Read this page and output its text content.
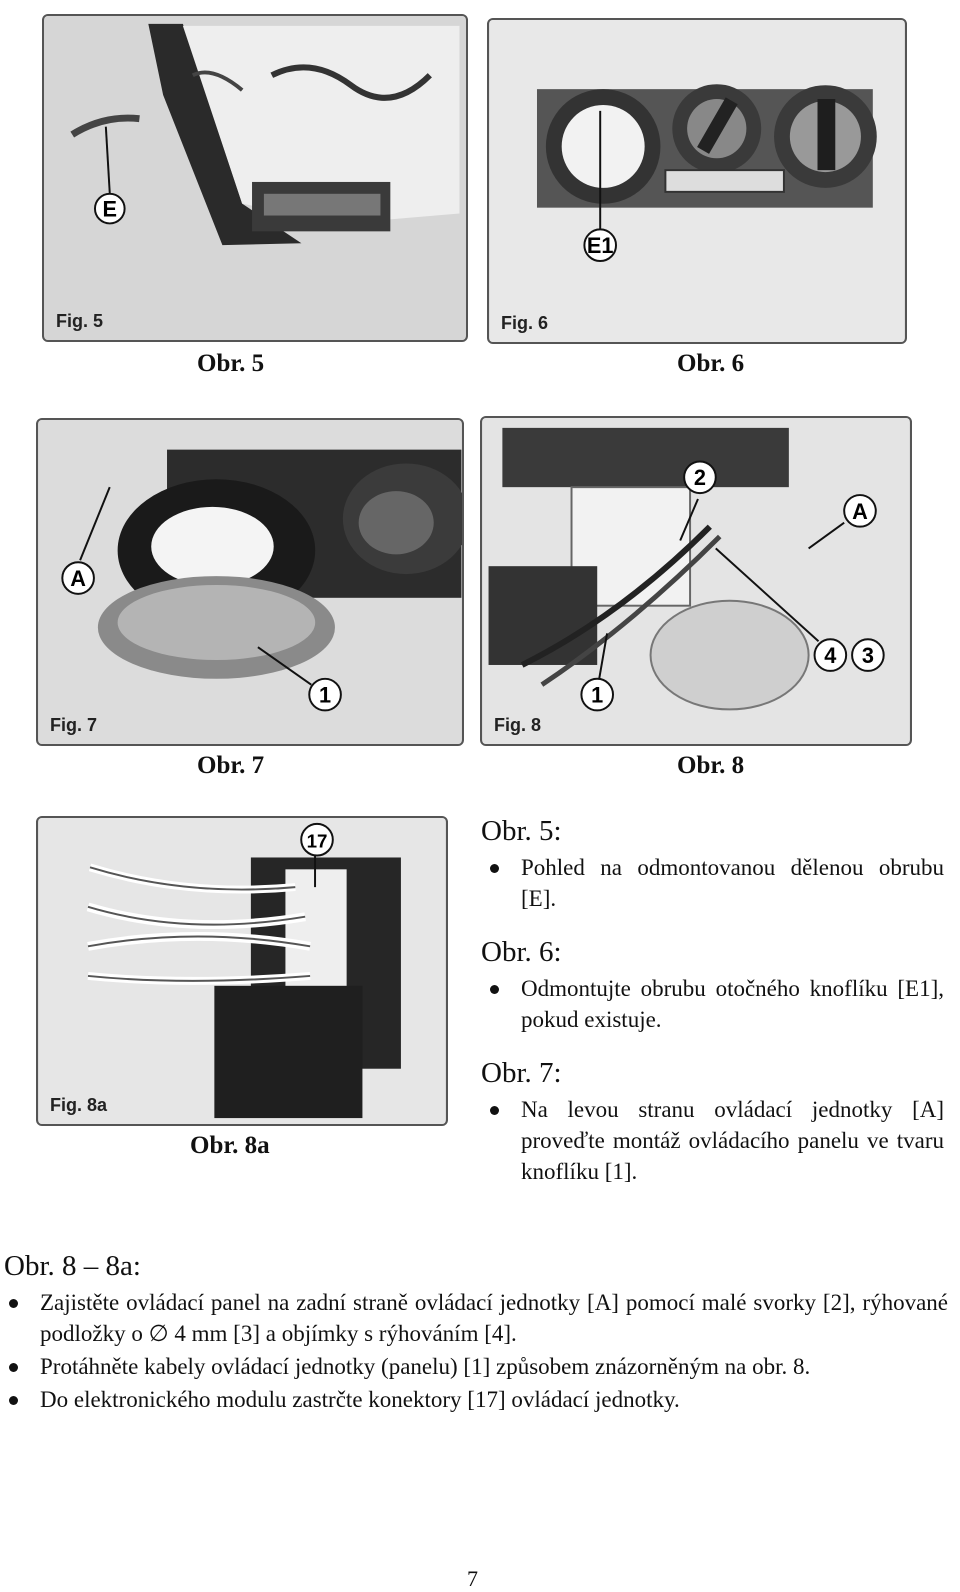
E
Fig. 5
Obr. 5
E1
Fig. 6
Obr. 6
A
1
Fig. 7
Obr. 7
2
A
4 3
1
Fig. 8
Obr. 8
17
Fig. 8a
Obr. 8a
Obr. 5:
Pohled na odmontovanou dělenou obrubu [E].
Obr. 6:
Odmontujte obrubu otočného knoflíku [E1], pokud existuje.
Obr. 7:
Na levou stranu ovládací jednotky [A] proveďte montáž ovládacího panelu ve tvaru knoflíku [1].
Obr. 8 – 8a:
Zajistěte ovládací panel na zadní straně ovládací jednotky [A] pomocí malé svorky [2], rýhované podložky o ∅ 4 mm [3] a objímky s rýhováním [4].
Protáhněte kabely ovládací jednotky (panelu) [1] způsobem znázorněným na obr. 8.
Do elektronického modulu zastrčte konektory [17] ovládací jednotky.
7
